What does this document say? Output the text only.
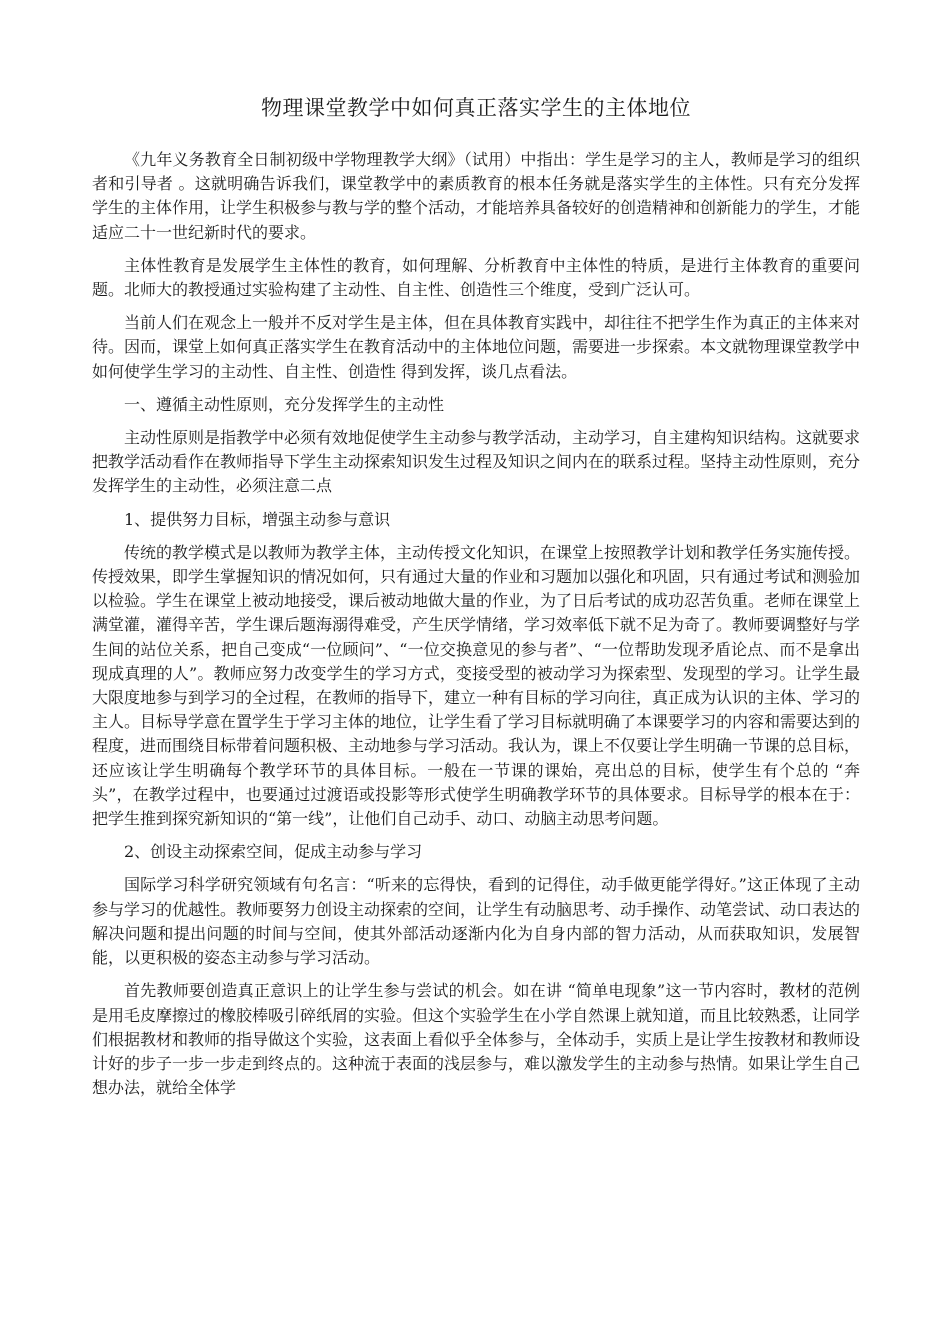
物理课堂教学中如何真正落实学生的主体地位

《九年义务教育全日制初级中学物理教学大纲》（试用）中指出：学生是学习的主人，教师是学习的组织者和引导者 。这就明确告诉我们，课堂教学中的素质教育的根本任务就是落实学生的主体性。只有充分发挥学生的主体作用，让学生积极参与教与学的整个活动，才能培养具备较好的创造精神和创新能力的学生，才能适应二十一世纪新时代的要求。

主体性教育是发展学生主体性的教育，如何理解、分析教育中主体性的特质，是进行主体教育的重要问题。北师大的教授通过实验构建了主动性、自主性、创造性三个维度，受到广泛认可。

当前人们在观念上一般并不反对学生是主体，但在具体教育实践中，却往往不把学生作为真正的主体来对待。因而，课堂上如何真正落实学生在教育活动中的主体地位问题，需要进一步探索。本文就物理课堂教学中如何使学生学习的主动性、自主性、创造性 得到发挥，谈几点看法。

一、遵循主动性原则，充分发挥学生的主动性

主动性原则是指教学中必须有效地促使学生主动参与教学活动，主动学习，自主建构知识结构。这就要求把教学活动看作在教师指导下学生主动探索知识发生过程及知识之间内在的联系过程。坚持主动性原则，充分发挥学生的主动性，必须注意二点

1、提供努力目标，增强主动参与意识

传统的教学模式是以教师为教学主体，主动传授文化知识，在课堂上按照教学计划和教学任务实施传授。传授效果，即学生掌握知识的情况如何，只有通过大量的作业和习题加以强化和巩固，只有通过考试和测验加以检验。学生在课堂上被动地接受，课后被动地做大量的作业，为了日后考试的成功忍苦负重。老师在课堂上满堂灌，灌得辛苦，学生课后题海溺得难受，产生厌学情绪，学习效率低下就不足为奇了。教师要调整好与学生间的站位关系，把自己变成“一位顾问”、“一位交换意见的参与者”、“一位帮助发现矛盾论点、而不是拿出现成真理的人”。教师应努力改变学生的学习方式，变接受型的被动学习为探索型、发现型的学习。让学生最大限度地参与到学习的全过程，在教师的指导下，建立一种有目标的学习向往，真正成为认识的主体、学习的主人。目标导学意在置学生于学习主体的地位，让学生看了学习目标就明确了本课要学习的内容和需要达到的程度，进而围绕目标带着问题积极、主动地参与学习活动。我认为，课上不仅要让学生明确一节课的总目标，还应该让学生明确每个教学环节的具体目标。一般在一节课的课始，亮出总的目标，使学生有个总的 “奔头”，在教学过程中，也要通过过渡语或投影等形式使学生明确教学环节的具体要求。目标导学的根本在于：把学生推到探究新知识的“第一线”，让他们自己动手、动口、动脑主动思考问题。

2、创设主动探索空间，促成主动参与学习

国际学习科学研究领域有句名言：“听来的忘得快，看到的记得住，动手做更能学得好。”这正体现了主动参与学习的优越性。教师要努力创设主动探索的空间，让学生有动脑思考、动手操作、动笔尝试、动口表达的解决问题和提出问题的时间与空间，使其外部活动逐渐内化为自身内部的智力活动，从而获取知识，发展智能，以更积极的姿态主动参与学习活动。

首先教师要创造真正意识上的让学生参与尝试的机会。如在讲 “简单电现象”这一节内容时，教材的范例是用毛皮摩擦过的橡胶棒吸引碎纸屑的实验。但这个实验学生在小学自然课上就知道，而且比较熟悉，让同学们根据教材和教师的指导做这个实验，这表面上看似乎全体参与，全体动手，实质上是让学生按教材和教师设计好的步子一步一步走到终点的。这种流于表面的浅层参与，难以激发学生的主动参与热情。如果让学生自己想办法，就给全体学
